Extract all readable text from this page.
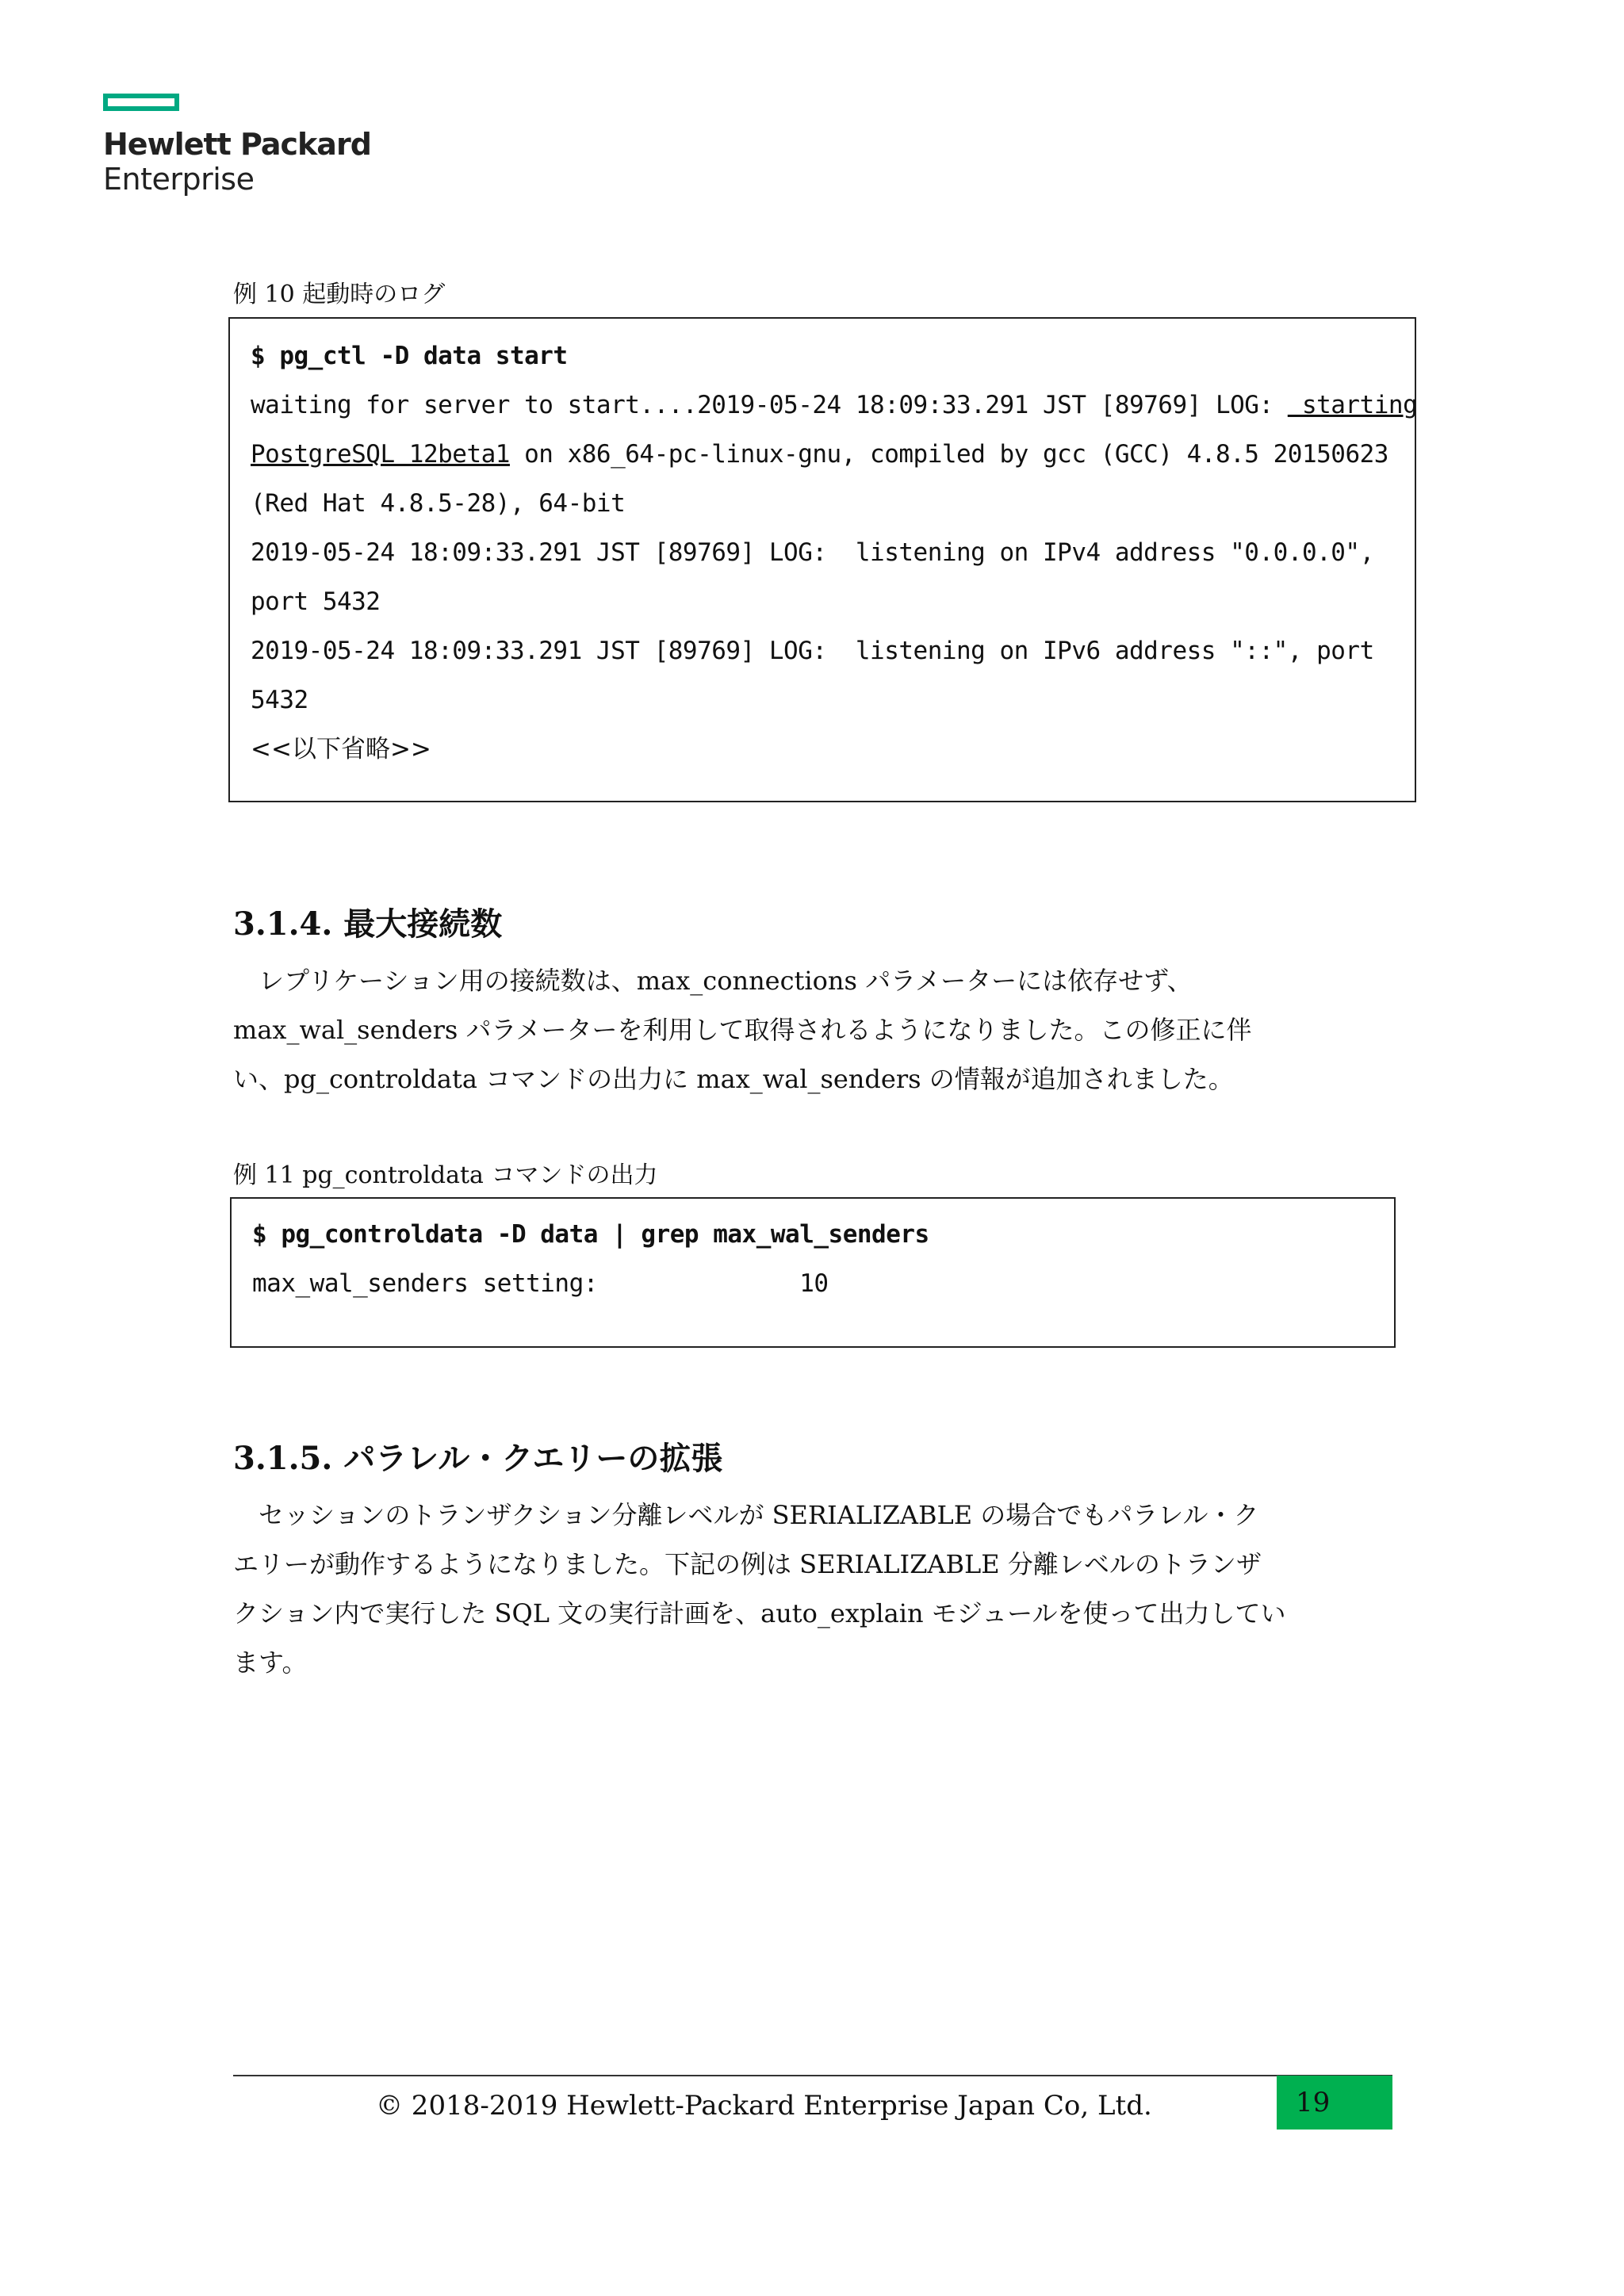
Hewlett Packard
Enterprise
例 10 起動時のログ
$ pg_ctl -D data start
waiting for server to start....2019-05-24 18:09:33.291 JST [89769] LOG:  starting
PostgreSQL 12beta1 on x86_64-pc-linux-gnu, compiled by gcc (GCC) 4.8.5 20150623
(Red Hat 4.8.5-28), 64-bit
2019-05-24 18:09:33.291 JST [89769] LOG:  listening on IPv4 address "0.0.0.0",
port 5432
2019-05-24 18:09:33.291 JST [89769] LOG:  listening on IPv6 address "::", port
5432
<<以下省略>>
3.1.4. 最大接続数
　レプリケーション用の接続数は、max_connections パラメーターには依存せず、
max_wal_senders パラメーターを利用して取得されるようになりました。この修正に伴
い、pg_controldata コマンドの出力に max_wal_senders の情報が追加されました。
例 11 pg_controldata コマンドの出力
$ pg_controldata -D data | grep max_wal_senders
max_wal_senders setting:              10
3.1.5. パラレル・クエリーの拡張
　セッションのトランザクション分離レベルが SERIALIZABLE の場合でもパラレル・ク
エリーが動作するようになりました。下記の例は SERIALIZABLE 分離レベルのトランザ
クション内で実行した SQL 文の実行計画を、auto_explain モジュールを使って出力してい
ます。
© 2018-2019 Hewlett-Packard Enterprise Japan Co, Ltd.	19
